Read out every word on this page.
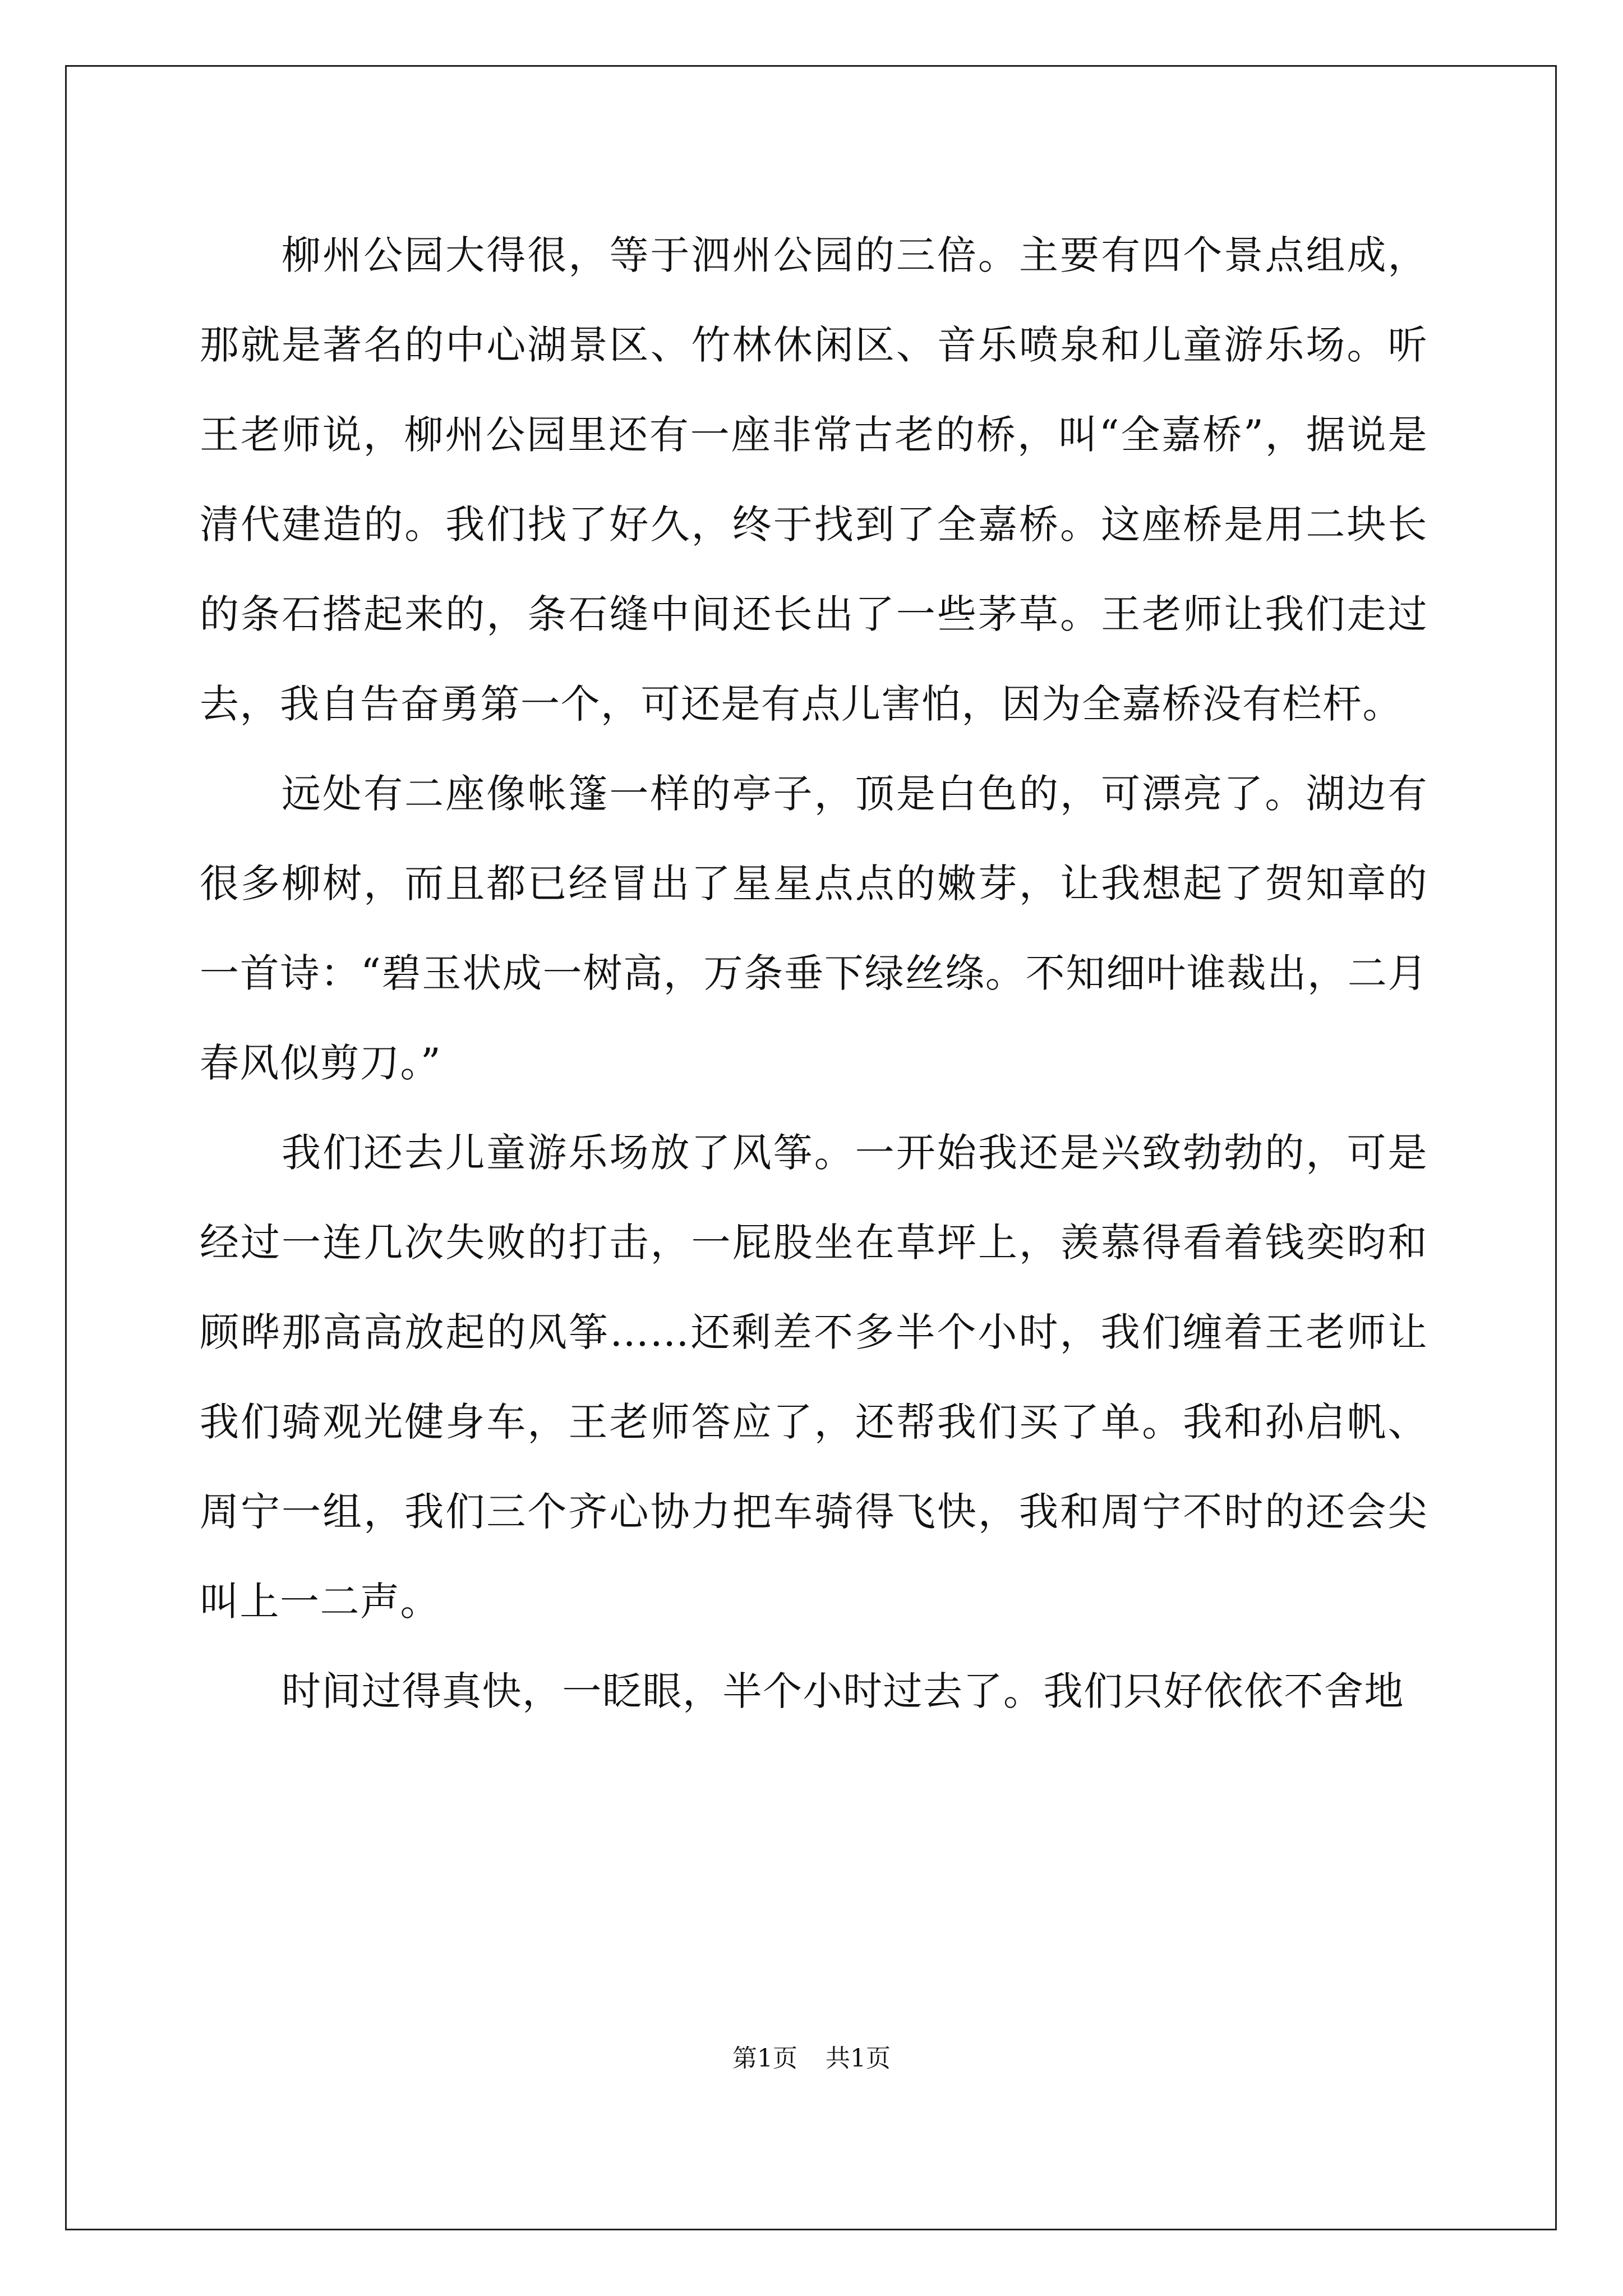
柳州公园大得很，等于泗州公园的三倍。主要有四个景点组成，那就是著名的中心湖景区、竹林休闲区、音乐喷泉和儿童游乐场。听王老师说，柳州公园里还有一座非常古老的桥，叫“全嘉桥”，据说是清代建造的。我们找了好久，终于找到了全嘉桥。这座桥是用二块长的条石搭起来的，条石缝中间还长出了一些茅草。王老师让我们走过去，我自告奋勇第一个，可还是有点儿害怕，因为全嘉桥没有栏杆。

远处有二座像帐篷一样的亭子，顶是白色的，可漂亮了。湖边有很多柳树，而且都已经冒出了星星点点的嫩芽，让我想起了贺知章的一首诗：“碧玉状成一树高，万条垂下绿丝绦。不知细叶谁裁出，二月春风似剪刀。”

我们还去儿童游乐场放了风筝。一开始我还是兴致勃勃的，可是经过一连几次失败的打击，一屁股坐在草坪上，羡慕得看着钱奕昀和顾晔那高高放起的风筝……还剩差不多半个小时，我们缠着王老师让我们骑观光健身车，王老师答应了，还帮我们买了单。我和孙启帆、周宁一组，我们三个齐心协力把车骑得飞快，我和周宁不时的还会尖叫上一二声。

时间过得真快，一眨眼，半个小时过去了。我们只好依依不舍地

第1页 共1页
